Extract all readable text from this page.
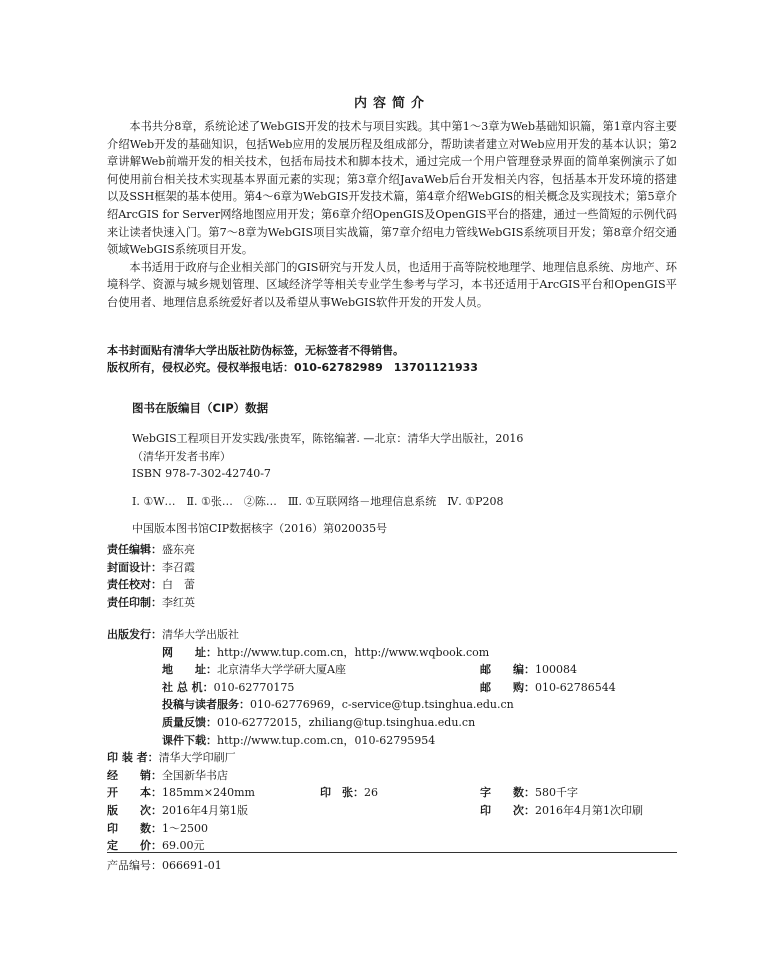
内容简介

本书共分8章，系统论述了WebGIS开发的技术与项目实践。其中第1～3章为Web基础知识篇，第1章内容主要介绍Web开发的基础知识，包括Web应用的发展历程及组成部分，帮助读者建立对Web应用开发的基本认识；第2章讲解Web前端开发的相关技术，包括布局技术和脚本技术，通过完成一个用户管理登录界面的简单案例演示了如何使用前台相关技术实现基本界面元素的实现；第3章介绍JavaWeb后台开发相关内容，包括基本开发环境的搭建以及SSH框架的基本使用。第4～6章为WebGIS开发技术篇，第4章介绍WebGIS的相关概念及实现技术；第5章介绍ArcGIS for Server网络地图应用开发；第6章介绍OpenGIS及OpenGIS平台的搭建，通过一些简短的示例代码来让读者快速入门。第7～8章为WebGIS项目实战篇，第7章介绍电力管线WebGIS系统项目开发；第8章介绍交通领域WebGIS系统项目开发。

本书适用于政府与企业相关部门的GIS研究与开发人员，也适用于高等院校地理学、地理信息系统、房地产、环境科学、资源与城乡规划管理、区域经济学等相关专业学生参考与学习，本书还适用于ArcGIS平台和OpenGIS平台使用者、地理信息系统爱好者以及希望从事WebGIS软件开发的开发人员。

本书封面贴有清华大学出版社防伪标签，无标签者不得销售。
版权所有，侵权必究。侵权举报电话：010-62782989　13701121933
图书在版编目（CIP）数据
WebGIS工程项目开发实践/张贵军，陈铭编著. —北京：清华大学出版社，2016
（清华开发者书库）
ISBN 978-7-302-42740-7
Ⅰ. ①W…　Ⅱ. ①张…　②陈…　Ⅲ. ①互联网络－地理信息系统　Ⅳ. ①P208
中国版本图书馆CIP数据核字（2016）第020035号
责任编辑：盛东亮
封面设计：李召霞
责任校对：白　蕾
责任印制：李红英
出版发行：清华大学出版社
网　　址：http://www.tup.com.cn，http://www.wqbook.com
地　　址：北京清华大学学研大厦A座	邮　　编：100084
社 总 机：010-62770175	邮　　购：010-62786544
投稿与读者服务：010-62776969，c-service@tup.tsinghua.edu.cn
质量反馈：010-62772015，zhiliang@tup.tsinghua.edu.cn
课件下载：http://www.tup.com.cn，010-62795954
印 装 者：清华大学印刷厂
经　　销：全国新华书店
开　　本：185mm×240mm	印　张：26	字　　数：580千字
版　　次：2016年4月第1版	印　　次：2016年4月第1次印刷
印　　数：1～2500
定　　价：69.00元
产品编号：066691-01
